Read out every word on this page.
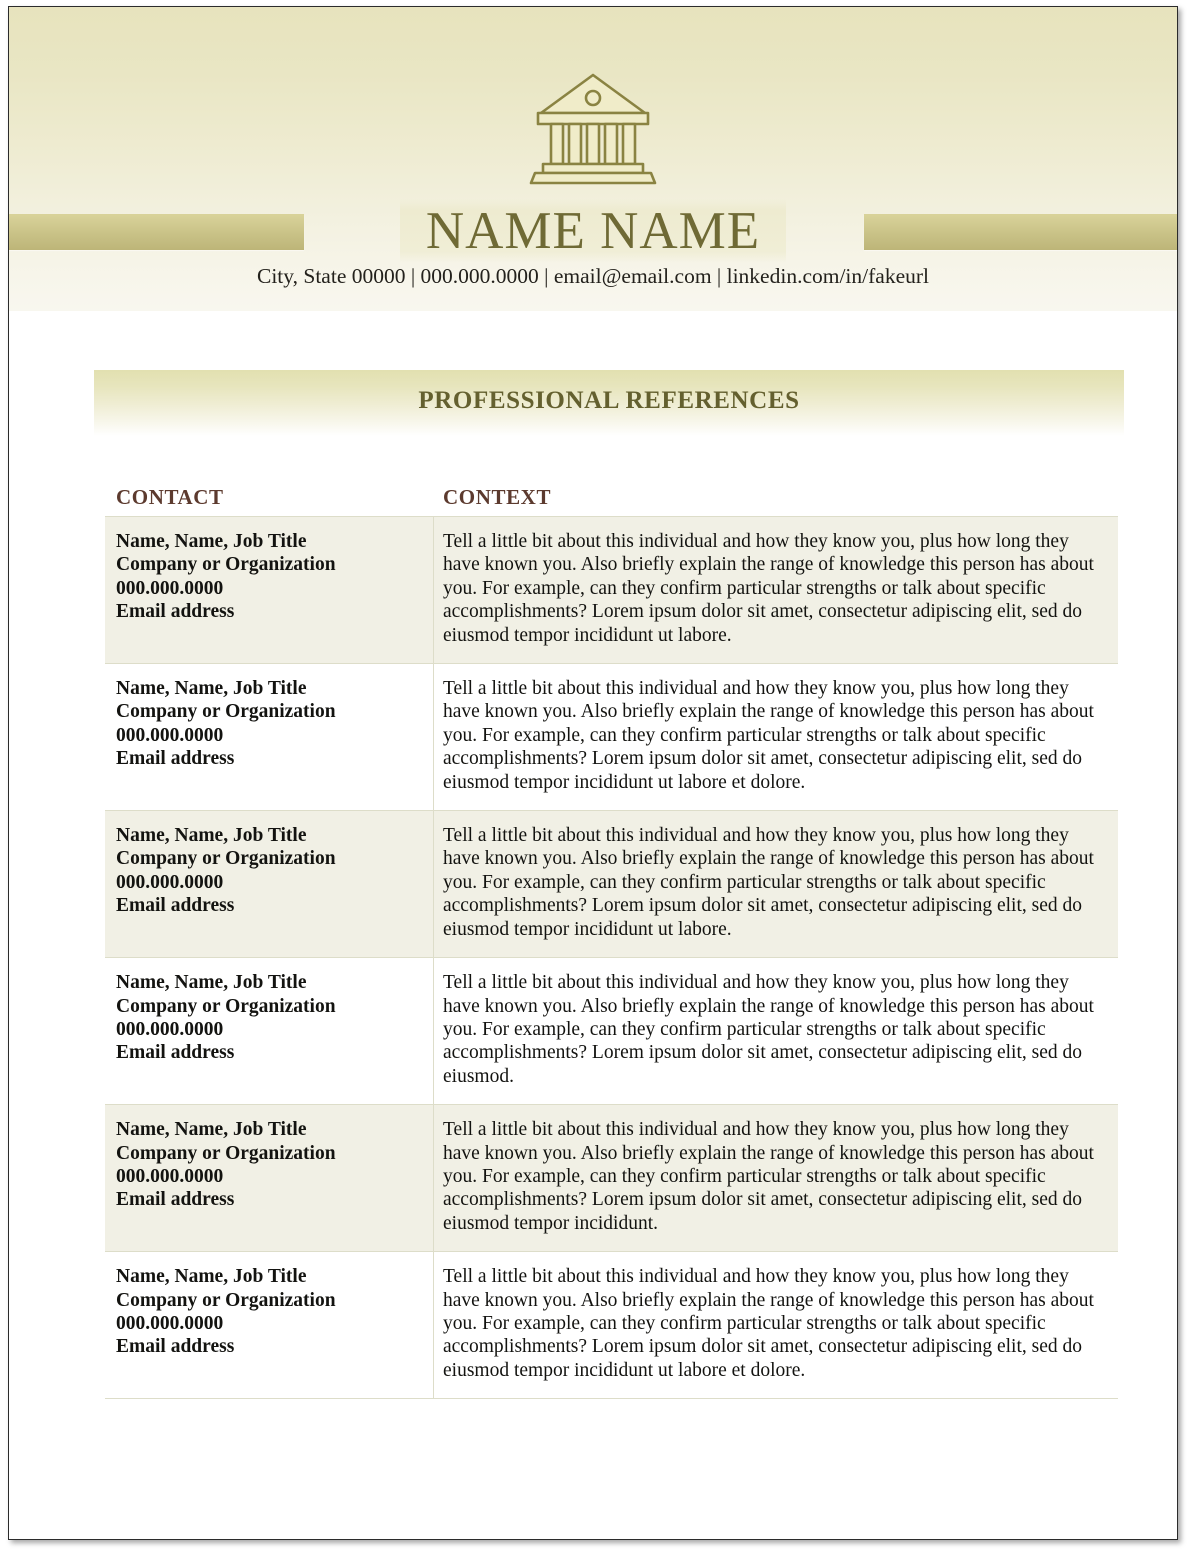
NAME NAME
City, State 00000 | 000.000.0000 | email@email.com | linkedin.com/in/fakeurl
PROFESSIONAL REFERENCES
CONTACT	CONTEXT
Name, Name, Job Title
Company or Organization
000.000.0000
Email address
Tell a little bit about this individual and how they know you, plus how long they have known you. Also briefly explain the range of knowledge this person has about you. For example, can they confirm particular strengths or talk about specific accomplishments? Lorem ipsum dolor sit amet, consectetur adipiscing elit, sed do eiusmod tempor incididunt ut labore.
Name, Name, Job Title
Company or Organization
000.000.0000
Email address
Tell a little bit about this individual and how they know you, plus how long they have known you. Also briefly explain the range of knowledge this person has about you. For example, can they confirm particular strengths or talk about specific accomplishments? Lorem ipsum dolor sit amet, consectetur adipiscing elit, sed do eiusmod tempor incididunt ut labore et dolore.
Name, Name, Job Title
Company or Organization
000.000.0000
Email address
Tell a little bit about this individual and how they know you, plus how long they have known you. Also briefly explain the range of knowledge this person has about you. For example, can they confirm particular strengths or talk about specific accomplishments? Lorem ipsum dolor sit amet, consectetur adipiscing elit, sed do eiusmod tempor incididunt ut labore.
Name, Name, Job Title
Company or Organization
000.000.0000
Email address
Tell a little bit about this individual and how they know you, plus how long they have known you. Also briefly explain the range of knowledge this person has about you. For example, can they confirm particular strengths or talk about specific accomplishments? Lorem ipsum dolor sit amet, consectetur adipiscing elit, sed do eiusmod.
Name, Name, Job Title
Company or Organization
000.000.0000
Email address
Tell a little bit about this individual and how they know you, plus how long they have known you. Also briefly explain the range of knowledge this person has about you. For example, can they confirm particular strengths or talk about specific accomplishments? Lorem ipsum dolor sit amet, consectetur adipiscing elit, sed do eiusmod tempor incididunt.
Name, Name, Job Title
Company or Organization
000.000.0000
Email address
Tell a little bit about this individual and how they know you, plus how long they have known you. Also briefly explain the range of knowledge this person has about you. For example, can they confirm particular strengths or talk about specific accomplishments? Lorem ipsum dolor sit amet, consectetur adipiscing elit, sed do eiusmod tempor incididunt ut labore et dolore.
